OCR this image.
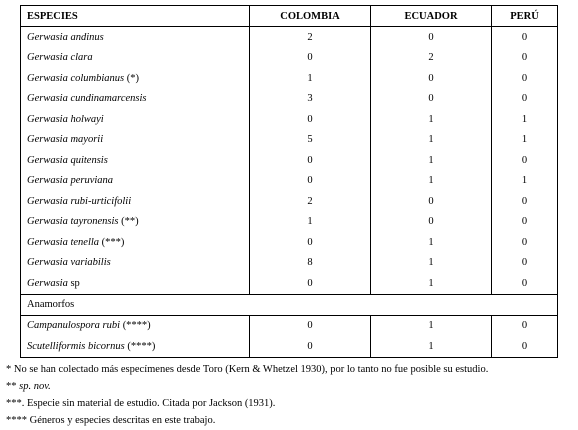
ESPECIES	COLOMBIA	ECUADOR	PERÚ
Gerwasia andinus	2	0	0
Gerwasia clara	0	2	0
Gerwasia columbianus (*)	1	0	0
Gerwasia cundinamarcensis	3	0	0
Gerwasia holwayi	0	1	1
Gerwasia mayorii	5	1	1
Gerwasia quitensis	0	1	0
Gerwasia peruviana	0	1	1
Gerwasia rubi-urticifolii	2	0	0
Gerwasia tayronensis (**)	1	0	0
Gerwasia tenella (***)	0	1	0
Gerwasia variabilis	8	1	0
Gerwasia sp	0	1	0
Anamorfos			
Campanulospora rubi (****)	0	1	0
Scutelliformis bicornus (****)	0	1	0
* No se han colectado más especímenes desde Toro (Kern & Whetzel 1930), por lo tanto no fue posible su estudio.
** sp. nov.
***. Especie sin material de estudio. Citada por Jackson (1931).
**** Géneros y especies descritas en este trabajo.
